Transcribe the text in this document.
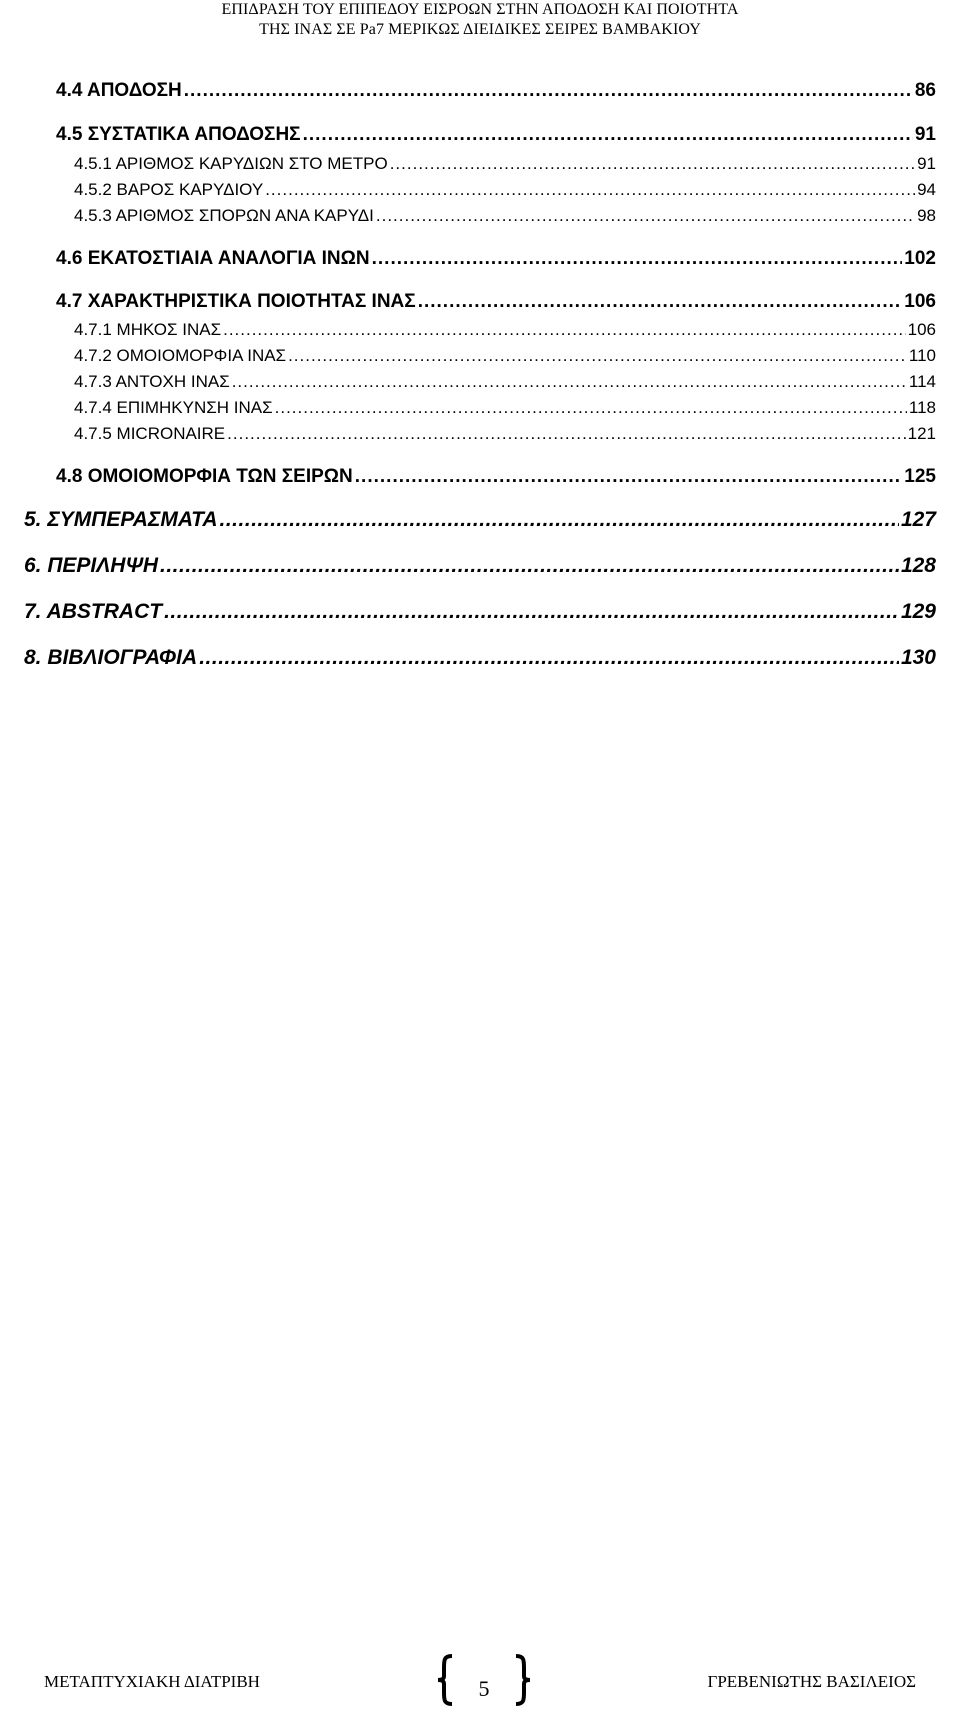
ΕΠΙΔΡΑΣΗ ΤΟΥ ΕΠΙΠΕΔΟΥ ΕΙΣΡΟΩΝ ΣΤΗΝ ΑΠΟΔΟΣΗ ΚΑΙ ΠΟΙΟΤΗΤΑ
ΤΗΣ ΙΝΑΣ ΣΕ Pa7 ΜΕΡΙΚΩΣ ΔΙΕΙΔΙΚΕΣ ΣΕΙΡΕΣ ΒΑΜΒΑΚΙΟΥ
4.4 ΑΠΟΔΟΣΗ .....	86
4.5 ΣΥΣΤΑΤΙΚΑ ΑΠΟΔΟΣΗΣ .....	91
4.5.1 ΑΡΙΘΜΟΣ ΚΑΡΥΔΙΩΝ ΣΤΟ ΜΕΤΡΟ .....	91
4.5.2 ΒΑΡΟΣ ΚΑΡΥΔΙΟΥ .....	94
4.5.3 ΑΡΙΘΜΟΣ ΣΠΟΡΩΝ ΑΝΑ ΚΑΡΥΔΙ .....	98
4.6 ΕΚΑΤΟΣΤΙΑΙΑ ΑΝΑΛΟΓΙΑ ΙΝΩΝ .....	102
4.7 ΧΑΡΑΚΤΗΡΙΣΤΙΚΑ ΠΟΙΟΤΗΤΑΣ ΙΝΑΣ .....	106
4.7.1 ΜΗΚΟΣ ΙΝΑΣ .....	106
4.7.2 ΟΜΟΙΟΜΟΡΦΙΑ ΙΝΑΣ .....	110
4.7.3 ΑΝΤΟΧΗ ΙΝΑΣ .....	114
4.7.4 ΕΠΙΜΗΚΥΝΣΗ ΙΝΑΣ .....	118
4.7.5 MICRONAIRE .....	121
4.8 ΟΜΟΙΟΜΟΡΦΙΑ ΤΩΝ ΣΕΙΡΩΝ .....	125
5. ΣΥΜΠΕΡΑΣΜΑΤΑ .....	127
6. ΠΕΡΙΛΗΨΗ .....	128
7. ABSTRACT .....	129
8. ΒΙΒΛΙΟΓΡΑΦΙΑ .....	130
ΜΕΤΑΠΤΥΧΙΑΚΗ ΔΙΑΤΡΙΒΗ	5	ΓΡΕΒΕΝΙΩΤΗΣ ΒΑΣΙΛΕΙΟΣ
